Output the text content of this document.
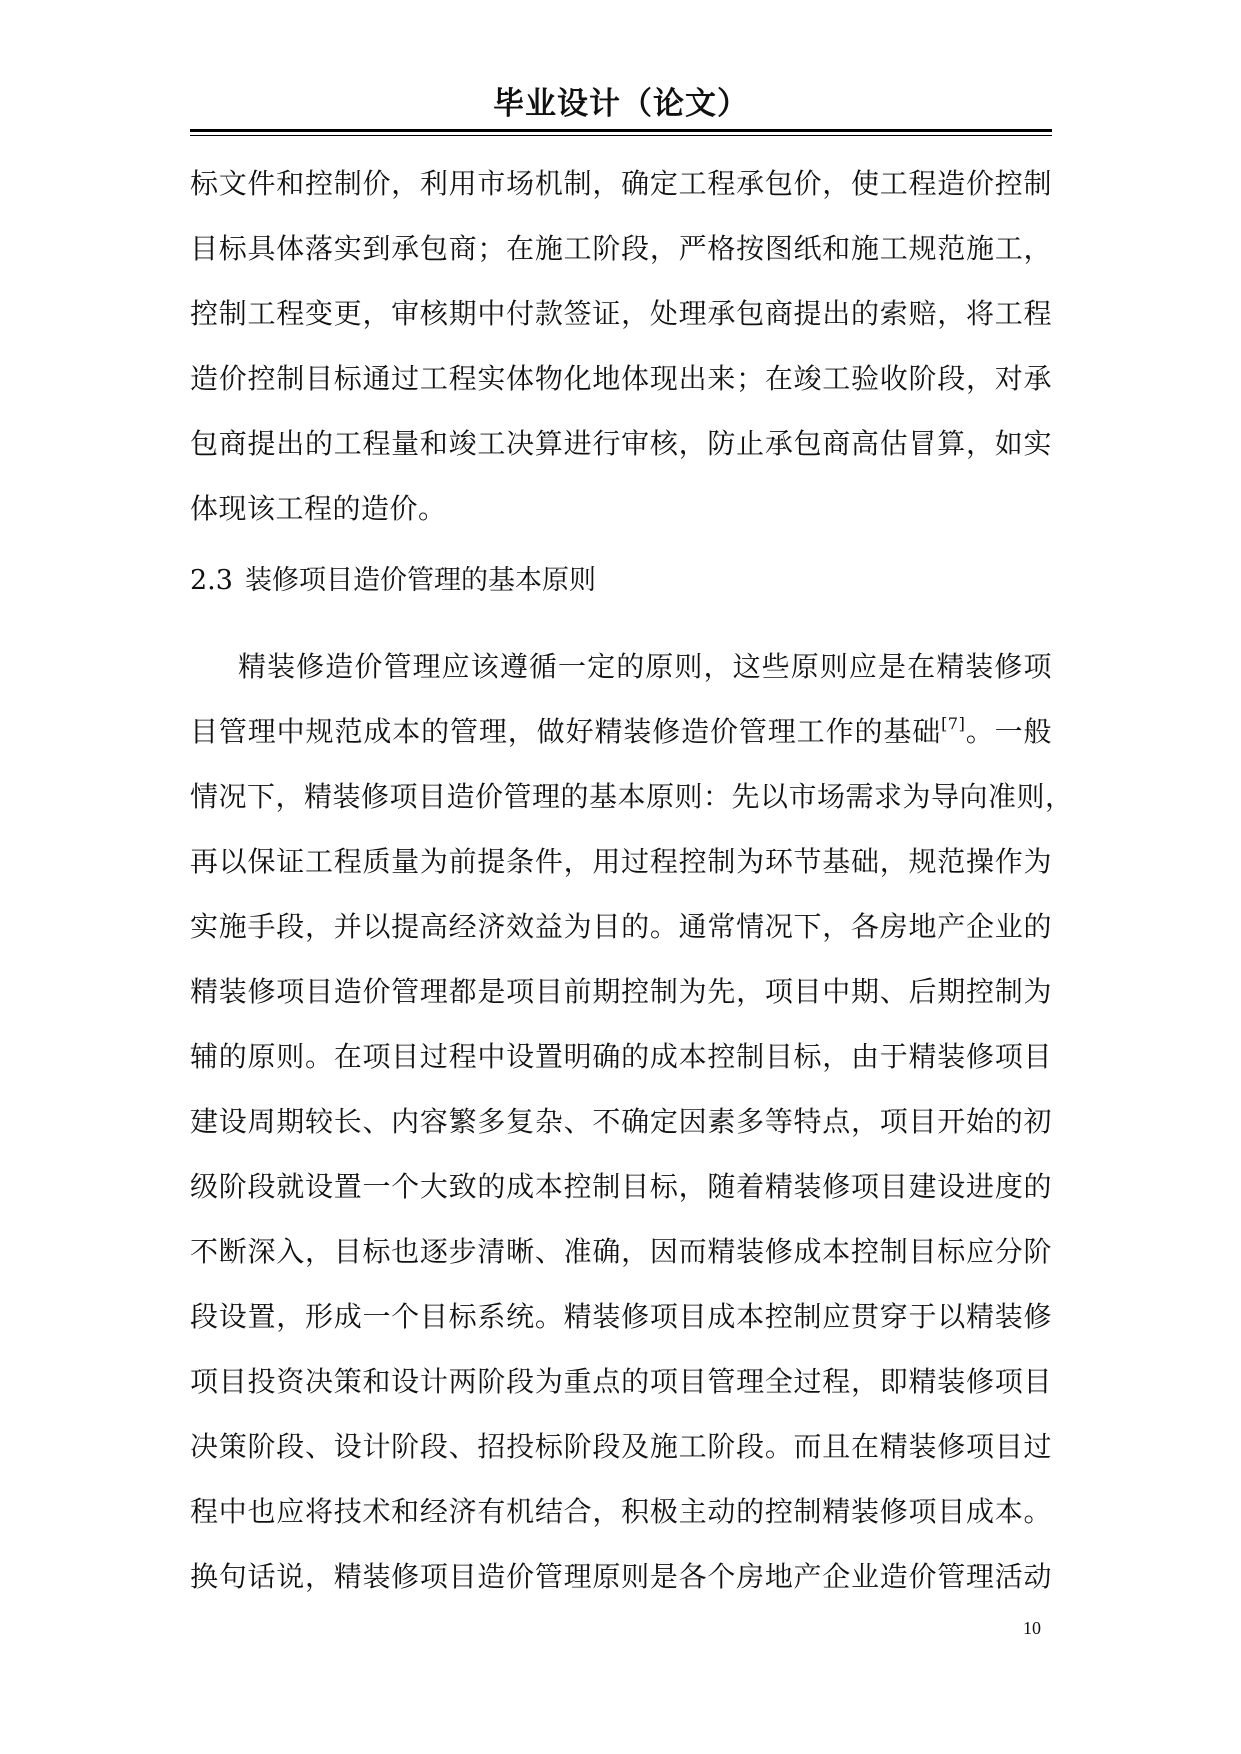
毕业设计（论文）
标文件和控制价，利用市场机制，确定工程承包价，使工程造价控制
目标具体落实到承包商；在施工阶段，严格按图纸和施工规范施工，
控制工程变更，审核期中付款签证，处理承包商提出的索赔，将工程
造价控制目标通过工程实体物化地体现出来；在竣工验收阶段，对承
包商提出的工程量和竣工决算进行审核，防止承包商高估冒算，如实
体现该工程的造价。
2.3 装修项目造价管理的基本原则
精装修造价管理应该遵循一定的原则，这些原则应是在精装修项
目管理中规范成本的管理，做好精装修造价管理工作的基础[7]。一般
情况下，精装修项目造价管理的基本原则：先以市场需求为导向准则，
再以保证工程质量为前提条件，用过程控制为环节基础，规范操作为
实施手段，并以提高经济效益为目的。通常情况下，各房地产企业的
精装修项目造价管理都是项目前期控制为先，项目中期、后期控制为
辅的原则。在项目过程中设置明确的成本控制目标，由于精装修项目
建设周期较长、内容繁多复杂、不确定因素多等特点，项目开始的初
级阶段就设置一个大致的成本控制目标，随着精装修项目建设进度的
不断深入，目标也逐步清晰、准确，因而精装修成本控制目标应分阶
段设置，形成一个目标系统。精装修项目成本控制应贯穿于以精装修
项目投资决策和设计两阶段为重点的项目管理全过程，即精装修项目
决策阶段、设计阶段、招投标阶段及施工阶段。而且在精装修项目过
程中也应将技术和经济有机结合，积极主动的控制精装修项目成本。
换句话说，精装修项目造价管理原则是各个房地产企业造价管理活动
10
